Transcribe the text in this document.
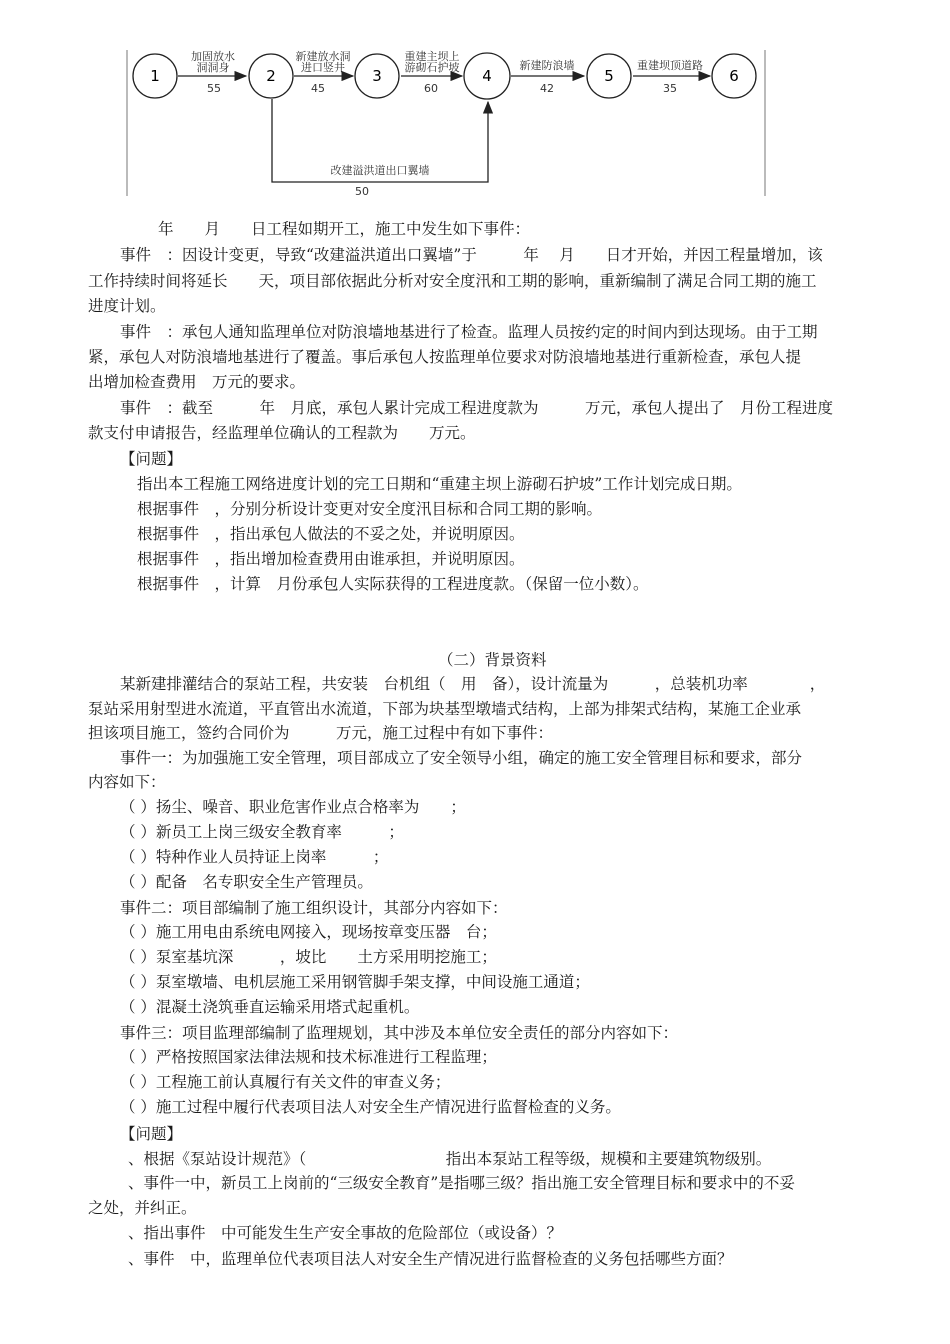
1	2	3	4	5	6
加固放水
洞洞身
55
新建放水洞
进口竖井
45
重建主坝上
游砌石护坡
60
新建防浪墙
42
重建坝顶道路
35
改建溢洪道出口翼墙
50
年　　月　　日工程如期开工，施工中发生如下事件：
事件　：因设计变更，导致“改建溢洪道出口翼墙”于　　　年　 月　　日才开始，并因工程量增加，该
工作持续时间将延长　　天，项目部依据此分析对安全度汛和工期的影响，重新编制了满足合同工期的施工
进度计划。
事件　：承包人通知监理单位对防浪墙地基进行了检查。监理人员按约定的时间内到达现场。由于工期
紧，承包人对防浪墙地基进行了覆盖。事后承包人按监理单位要求对防浪墙地基进行重新检查，承包人提
出增加检查费用　万元的要求。
事件　：截至　　　年　月底，承包人累计完成工程进度款为　　　万元，承包人提出了　月份工程进度
款支付申请报告，经监理单位确认的工程款为　　万元。
【问题】
指出本工程施工网络进度计划的完工日期和“重建主坝上游砌石护坡”工作计划完成日期。
根据事件　，分别分析设计变更对安全度汛目标和合同工期的影响。
根据事件　，指出承包人做法的不妥之处，并说明原因。
根据事件　，指出增加检查费用由谁承担，并说明原因。
根据事件　，计算　月份承包人实际获得的工程进度款。（保留一位小数）。
（二）背景资料
某新建排灌结合的泵站工程，共安装　台机组（　用　备），设计流量为　　　，总装机功率　　　　，
泵站采用射型进水流道，平直管出水流道，下部为块基型墩墙式结构，上部为排架式结构，某施工企业承
担该项目施工，签约合同价为　　　万元，施工过程中有如下事件：
事件一：为加强施工安全管理，项目部成立了安全领导小组，确定的施工安全管理目标和要求，部分
内容如下：
（ ）扬尘、噪音、职业危害作业点合格率为　　；
（ ）新员工上岗三级安全教育率　　　；
（ ）特种作业人员持证上岗率　　　；
（ ）配备　名专职安全生产管理员。
事件二：项目部编制了施工组织设计，其部分内容如下：
（ ）施工用电由系统电网接入，现场按章变压器　台；
（ ）泵室基坑深　　　，坡比　　土方采用明挖施工；
（ ）泵室墩墙、电机层施工采用钢管脚手架支撑，中间设施工通道；
（ ）混凝土浇筑垂直运输采用塔式起重机。
事件三：项目监理部编制了监理规划，其中涉及本单位安全责任的部分内容如下：
（ ）严格按照国家法律法规和技术标准进行工程监理；
（ ）工程施工前认真履行有关文件的审查义务；
（ ）施工过程中履行代表项目法人对安全生产情况进行监督检查的义务。
【问题】
、根据《泵站设计规范》（　　　　　　　　　指出本泵站工程等级，规模和主要建筑物级别。
、事件一中，新员工上岗前的“三级安全教育”是指哪三级？指出施工安全管理目标和要求中的不妥
之处，并纠正。
、指出事件　中可能发生生产安全事故的危险部位（或设备）？
、事件　中，监理单位代表项目法人对安全生产情况进行监督检查的义务包括哪些方面？
